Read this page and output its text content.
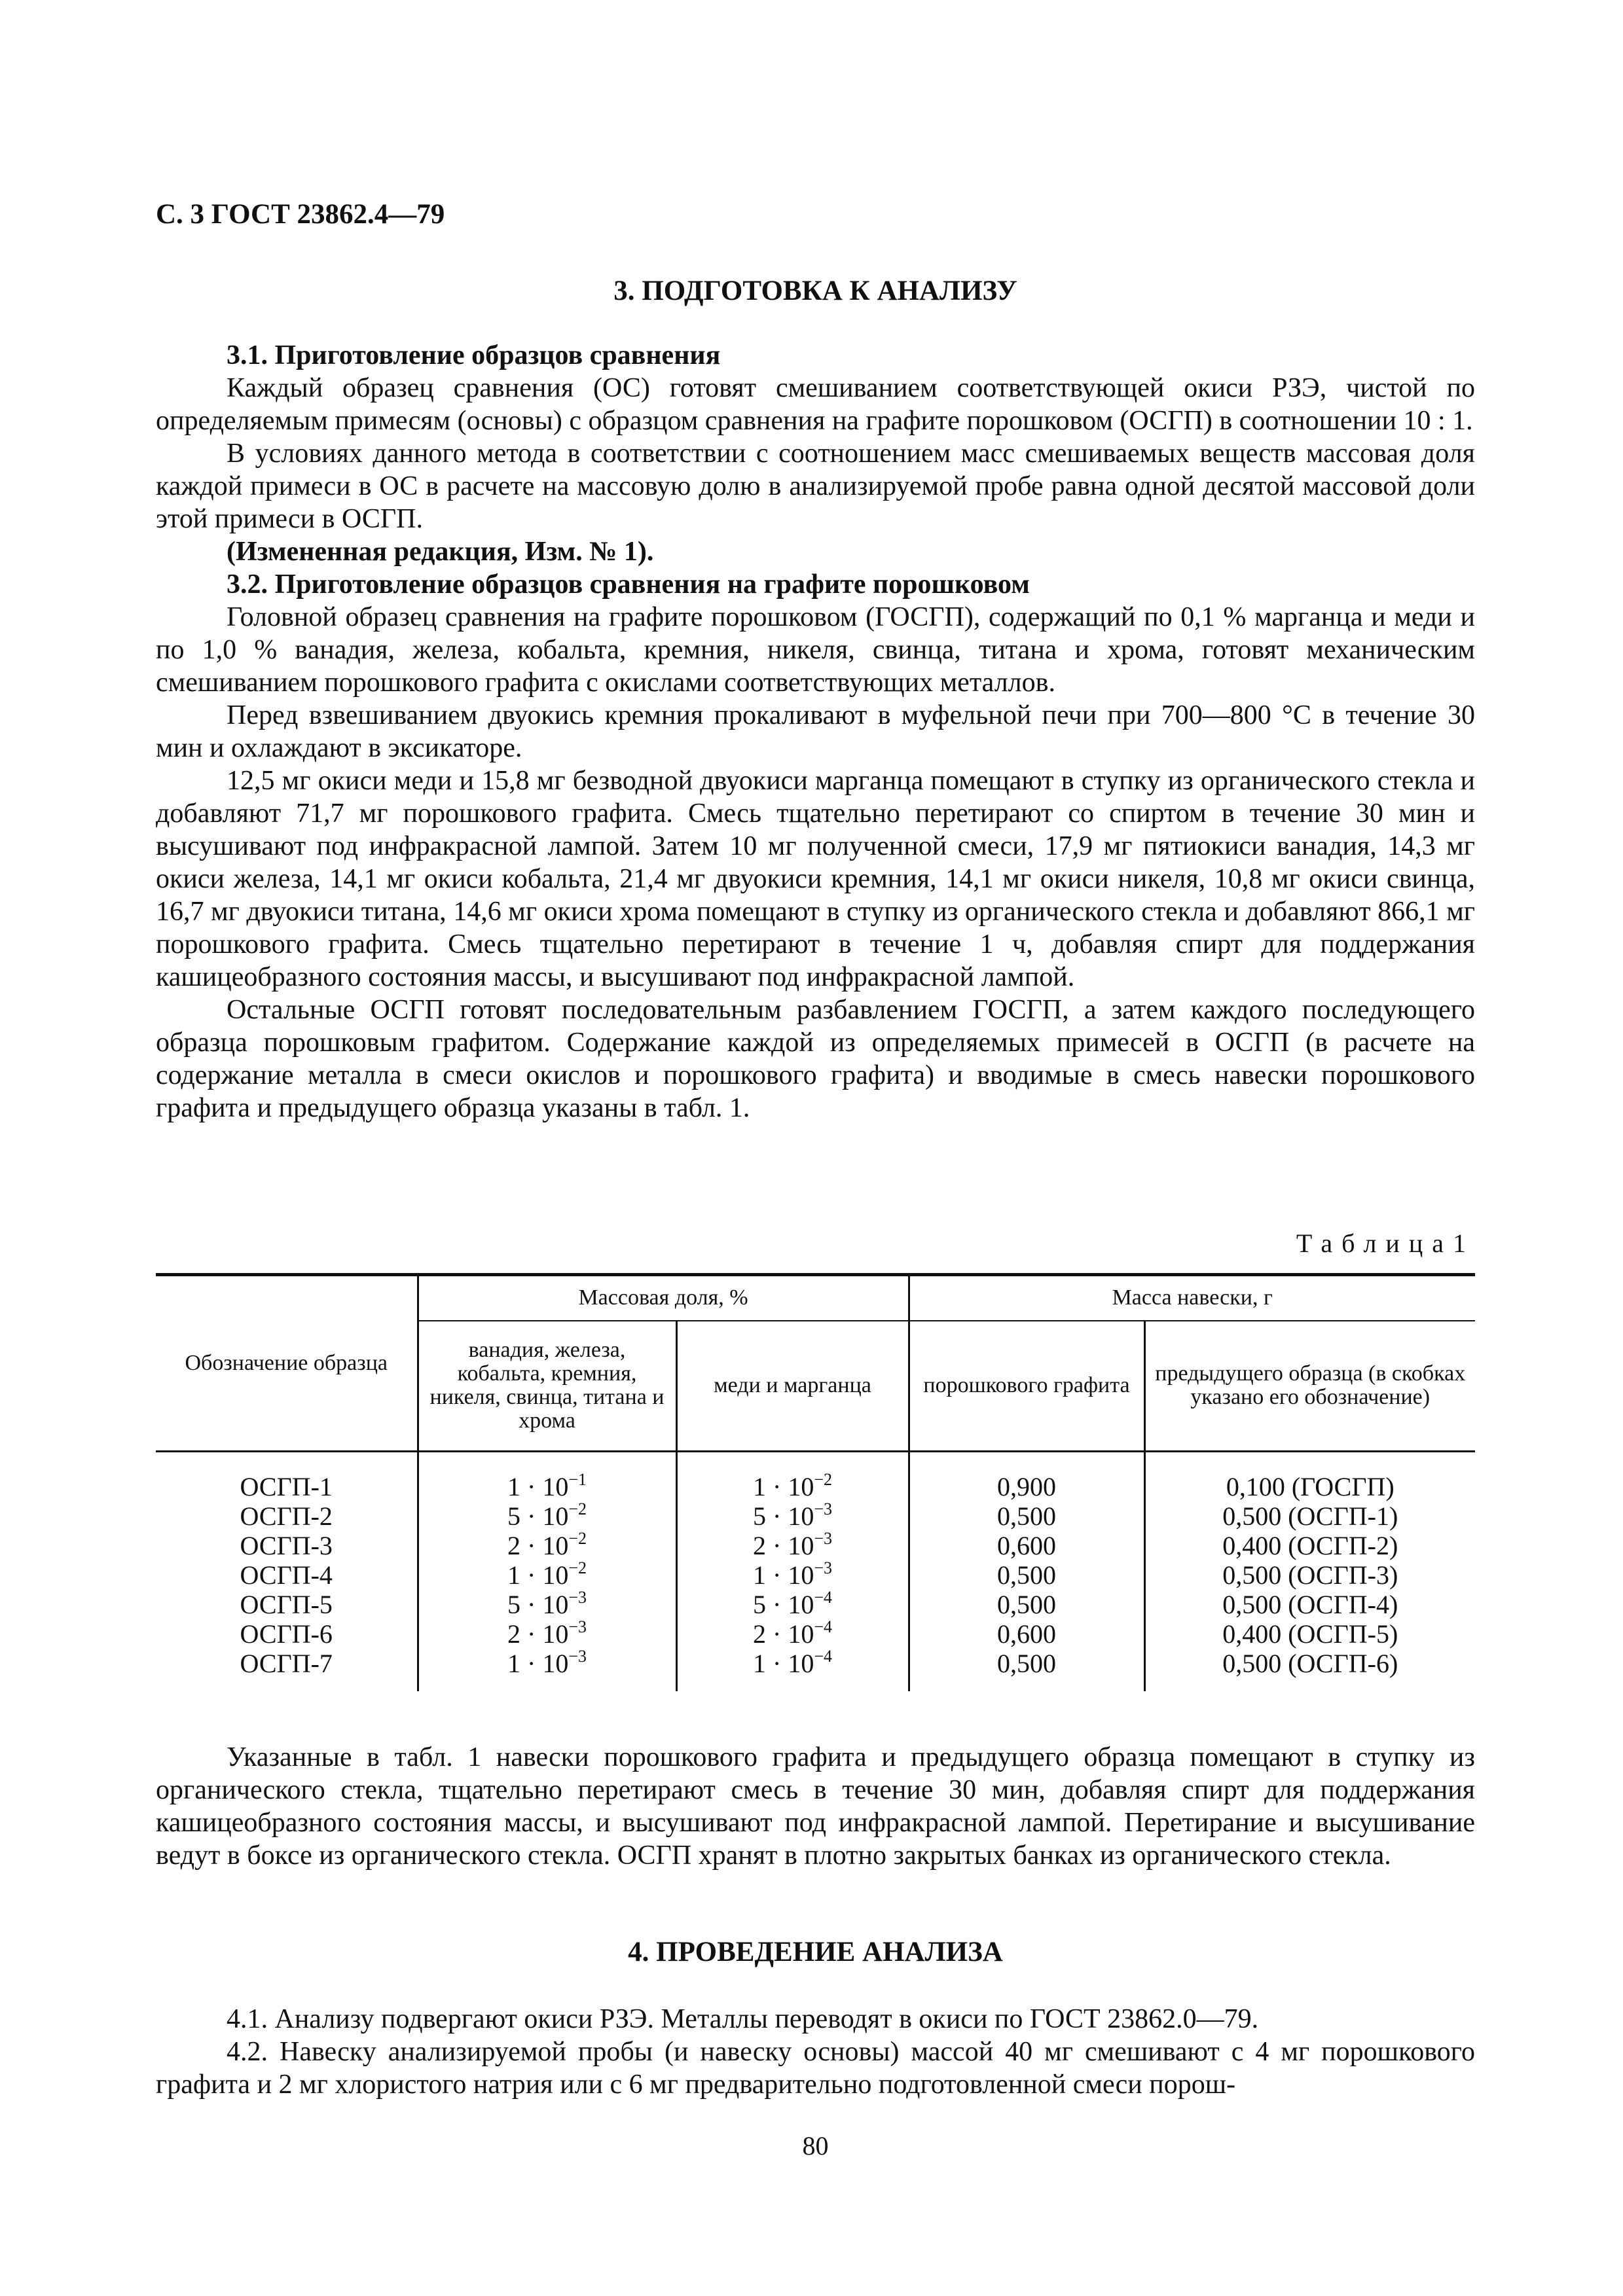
С. 3 ГОСТ 23862.4—79
3. ПОДГОТОВКА К АНАЛИЗУ

3.1. Приготовление образцов сравнения

Каждый образец сравнения (ОС) готовят смешиванием соответствующей окиси РЗЭ, чистой по определяемым примесям (основы) с образцом сравнения на графите порошковом (ОСГП) в соотношении 10 : 1.

В условиях данного метода в соответствии с соотношением масс смешиваемых веществ массовая доля каждой примеси в ОС в расчете на массовую долю в анализируемой пробе равна одной десятой массовой доли этой примеси в ОСГП.

(Измененная редакция, Изм. № 1).

3.2. Приготовление образцов сравнения на графите порошковом

Головной образец сравнения на графите порошковом (ГОСГП), содержащий по 0,1 % марганца и меди и по 1,0 % ванадия, железа, кобальта, кремния, никеля, свинца, титана и хрома, готовят механическим смешиванием порошкового графита с окислами соответствующих металлов.

Перед взвешиванием двуокись кремния прокаливают в муфельной печи при 700—800 °С в течение 30 мин и охлаждают в эксикаторе.

12,5 мг окиси меди и 15,8 мг безводной двуокиси марганца помещают в ступку из органического стекла и добавляют 71,7 мг порошкового графита. Смесь тщательно перетирают со спиртом в течение 30 мин и высушивают под инфракрасной лампой. Затем 10 мг полученной смеси, 17,9 мг пятиокиси ванадия, 14,3 мг окиси железа, 14,1 мг окиси кобальта, 21,4 мг двуокиси кремния, 14,1 мг окиси никеля, 10,8 мг окиси свинца, 16,7 мг двуокиси титана, 14,6 мг окиси хрома помещают в ступку из органического стекла и добавляют 866,1 мг порошкового графита. Смесь тщательно перетирают в течение 1 ч, добавляя спирт для поддержания кашицеобразного состояния массы, и высушивают под инфракрасной лампой.

Остальные ОСГП готовят последовательным разбавлением ГОСГП, а затем каждого последующего образца порошковым графитом. Содержание каждой из определяемых примесей в ОСГП (в расчете на содержание металла в смеси окислов и порошкового графита) и вводимые в смесь навески порошкового графита и предыдущего образца указаны в табл. 1.

Таблица1
Обозначение образца	Массовая доля, %		Масса навески, г	
	ванадия, железа, кобальта, кремния, никеля, свинца, титана и хрома	меди и марганца	порошкового графита	предыдущего образца (в скобках указано его обозначение)
ОСГП-1	$1 \cdot 10^{-1}$	$1 \cdot 10^{-2}$	0,900	0,100 (ГОСГП)
ОСГП-2	$5 \cdot 10^{-2}$	$5 \cdot 10^{-3}$	0,500	0,500 (ОСГП-1)
ОСГП-3	$2 \cdot 10^{-2}$	$2 \cdot 10^{-3}$	0,600	0,400 (ОСГП-2)
ОСГП-4	$1 \cdot 10^{-2}$	$1 \cdot 10^{-3}$	0,500	0,500 (ОСГП-3)
ОСГП-5	$5 \cdot 10^{-3}$	$5 \cdot 10^{-4}$	0,500	0,500 (ОСГП-4)
ОСГП-6	$2 \cdot 10^{-3}$	$2 \cdot 10^{-4}$	0,600	0,400 (ОСГП-5)
ОСГП-7	$1 \cdot 10^{-3}$	$1 \cdot 10^{-4}$	0,500	0,500 (ОСГП-6)

Указанные в табл. 1 навески порошкового графита и предыдущего образца помещают в ступку из органического стекла, тщательно перетирают смесь в течение 30 мин, добавляя спирт для поддержания кашицеобразного состояния массы, и высушивают под инфракрасной лампой. Перетирание и высушивание ведут в боксе из органического стекла. ОСГП хранят в плотно закрытых банках из органического стекла.

4. ПРОВЕДЕНИЕ АНАЛИЗА

4.1. Анализу подвергают окиси РЗЭ. Металлы переводят в окиси по ГОСТ 23862.0—79.

4.2. Навеску анализируемой пробы (и навеску основы) массой 40 мг смешивают с 4 мг порошкового графита и 2 мг хлористого натрия или с 6 мг предварительно подготовленной смеси порош-

80
